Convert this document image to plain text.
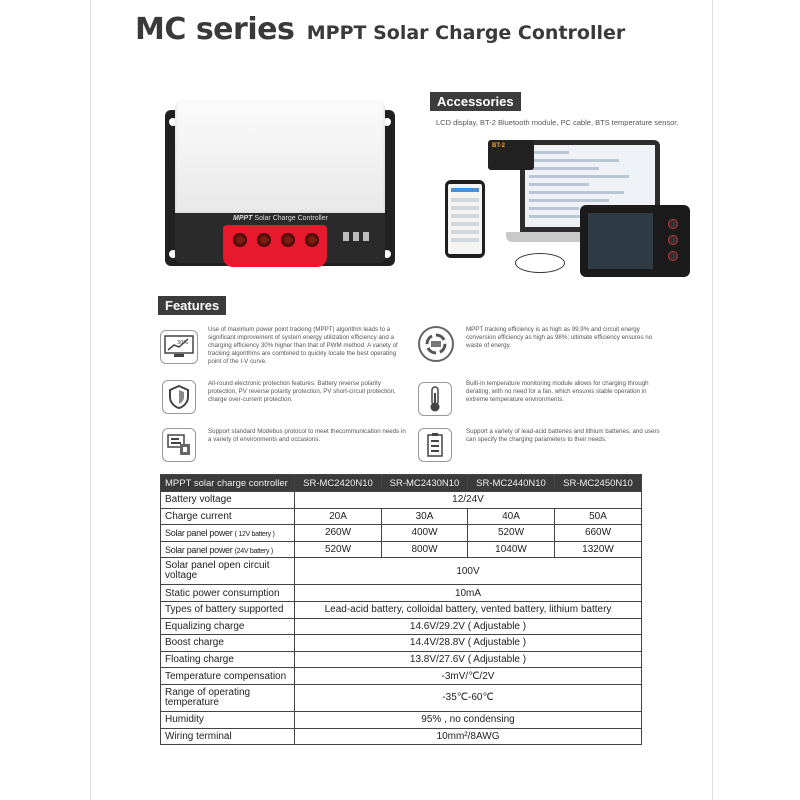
MC series MPPT Solar Charge Controller
MPPT Solar Charge Controller
Accessories
LCD display, BT-2 Bluetooth module, PC cable, BTS temperature sensor.
BT-2
Features
30%
Use of maximum power point tracking (MPPT) algorithm leads to a significant improvement of system energy utilization efficiency and a charging efficiency 30% higher than that of PWM method. A variety of tracking algorithms are combined to quickly locate the best operating point of the I-V curve.
MPPT tracking efficiency is as high as 99.9% and circuit energy conversion efficiency as high as 98%; ultimate efficiency ensures no waste of energy.
All-round electronic protection features: Battery reverse polarity protection, PV reverse polarity protection, PV short-circuit protection, charge over-current protection.
Built-in temperature monitoring module allows for charging through derating, with no need for a fan, which ensures stable operation in extreme temperature environments.
Support standard Modebus protocol to meet thecommunication needs in a variety of environments and occasions.
Support a variety of lead-acid batteries and lithium batteries, and users can specify the charging parameters to their needs.
MPPT solar charge controller	SR-MC2420N10	SR-MC2430N10	SR-MC2440N10	SR-MC2450N10
Battery voltage	12/24V			
Charge current	20A	30A	40A	50A
Solar panel power ( 12V battery )	260W	400W	520W	660W
Solar panel power (24V battery )	520W	800W	1040W	1320W
Solar panel open circuit voltage	100V			
Static power consumption	10mA			
Types of battery supported	Lead-acid battery, colloidal battery, vented battery, lithium battery			
Equalizing charge	14.6V/29.2V ( Adjustable )			
Boost charge	14.4V/28.8V ( Adjustable )			
Floating charge	13.8V/27.6V ( Adjustable )			
Temperature compensation	-3mV/℃/2V			
Range of operating temperature	-35℃-60℃			
Humidity	95% , no condensing			
Wiring terminal	10mm²/8AWG			
